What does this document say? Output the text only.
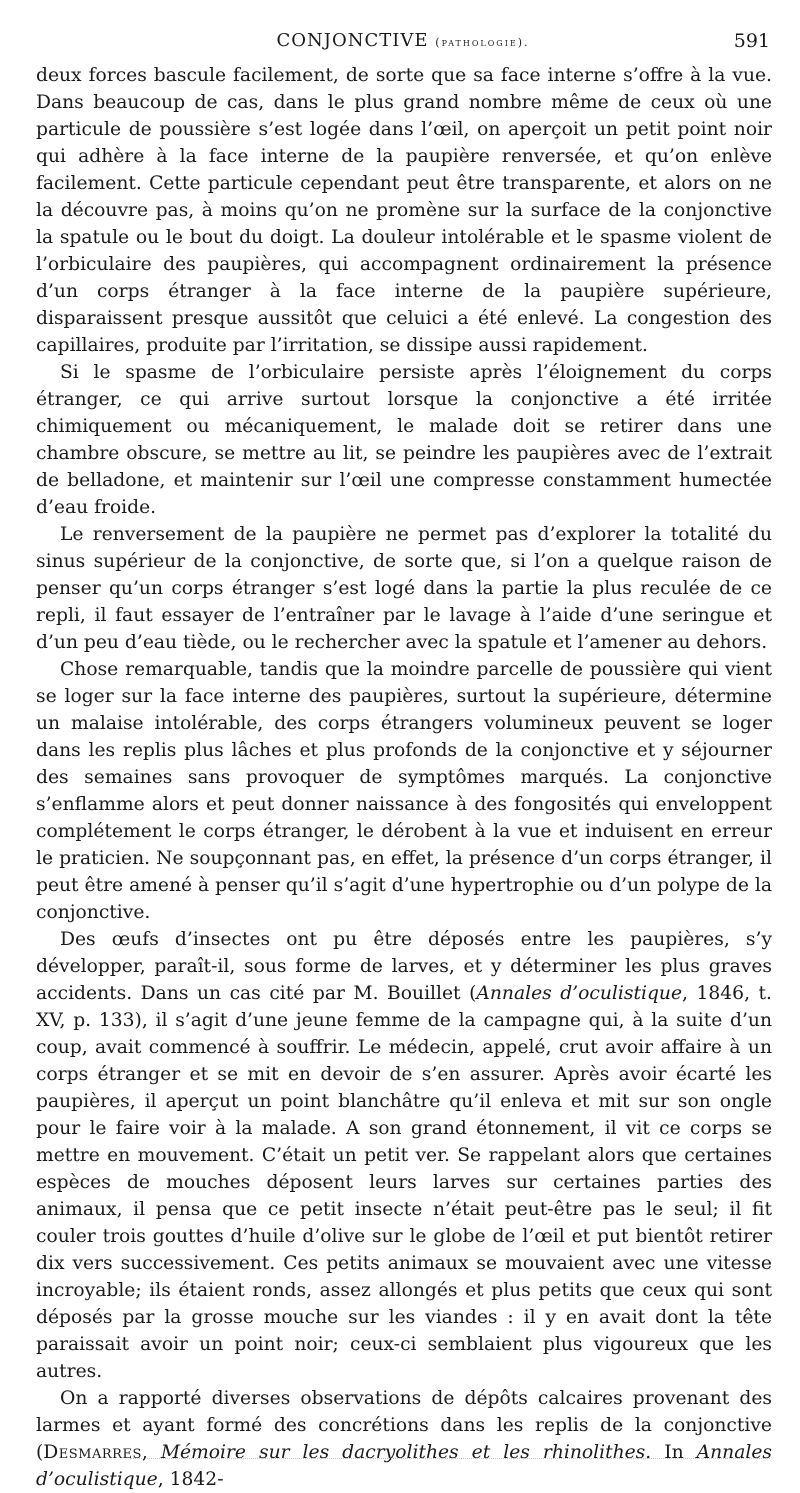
CONJONCTIVE (pathologie).	591

deux forces bascule facilement, de sorte que sa face interne s’offre à la vue. Dans beaucoup de cas, dans le plus grand nombre même de ceux où une particule de poussière s’est logée dans l’œil, on aperçoit un petit point noir qui adhère à la face interne de la paupière renversée, et qu’on enlève facilement. Cette particule cependant peut être transparente, et alors on ne la découvre pas, à moins qu’on ne promène sur la surface de la conjonctive la spatule ou le bout du doigt. La douleur intolérable et le spasme violent de l’orbiculaire des paupières, qui accompagnent ordinairement la présence d’un corps étranger à la face interne de la paupière supérieure, disparaissent presque aussitôt que celuici a été enlevé. La congestion des capillaires, produite par l’irritation, se dissipe aussi rapidement.

Si le spasme de l’orbiculaire persiste après l’éloignement du corps étranger, ce qui arrive surtout lorsque la conjonctive a été irritée chimiquement ou mécaniquement, le malade doit se retirer dans une chambre obscure, se mettre au lit, se peindre les paupières avec de l’extrait de belladone, et maintenir sur l’œil une compresse constamment humectée d’eau froide.

Le renversement de la paupière ne permet pas d’explorer la totalité du sinus supérieur de la conjonctive, de sorte que, si l’on a quelque raison de penser qu’un corps étranger s’est logé dans la partie la plus reculée de ce repli, il faut essayer de l’entraîner par le lavage à l’aide d’une seringue et d’un peu d’eau tiède, ou le rechercher avec la spatule et l’amener au dehors.

Chose remarquable, tandis que la moindre parcelle de poussière qui vient se loger sur la face interne des paupières, surtout la supérieure, détermine un malaise intolérable, des corps étrangers volumineux peuvent se loger dans les replis plus lâches et plus profonds de la conjonctive et y séjourner des semaines sans provoquer de symptômes marqués. La conjonctive s’enflamme alors et peut donner naissance à des fongosités qui enveloppent complétement le corps étranger, le dérobent à la vue et induisent en erreur le praticien. Ne soupçonnant pas, en effet, la présence d’un corps étranger, il peut être amené à penser qu’il s’agit d’une hypertrophie ou d’un polype de la conjonctive.

Des œufs d’insectes ont pu être déposés entre les paupières, s’y développer, paraît-il, sous forme de larves, et y déterminer les plus graves accidents. Dans un cas cité par M. Bouillet (Annales d’oculistique, 1846, t. XV, p. 133), il s’agit d’une jeune femme de la campagne qui, à la suite d’un coup, avait commencé à souffrir. Le médecin, appelé, crut avoir affaire à un corps étranger et se mit en devoir de s’en assurer. Après avoir écarté les paupières, il aperçut un point blanchâtre qu’il enleva et mit sur son ongle pour le faire voir à la malade. A son grand étonnement, il vit ce corps se mettre en mouvement. C’était un petit ver. Se rappelant alors que certaines espèces de mouches déposent leurs larves sur certaines parties des animaux, il pensa que ce petit insecte n’était peut-être pas le seul; il fit couler trois gouttes d’huile d’olive sur le globe de l’œil et put bientôt retirer dix vers successivement. Ces petits animaux se mouvaient avec une vitesse incroyable; ils étaient ronds, assez allongés et plus petits que ceux qui sont déposés par la grosse mouche sur les viandes : il y en avait dont la tête paraissait avoir un point noir; ceux-ci semblaient plus vigoureux que les autres.

On a rapporté diverses observations de dépôts calcaires provenant des larmes et ayant formé des concrétions dans les replis de la conjonctive (Desmarres, Mémoire sur les dacryolithes et les rhinolithes. In Annales d’oculistique, 1842-
